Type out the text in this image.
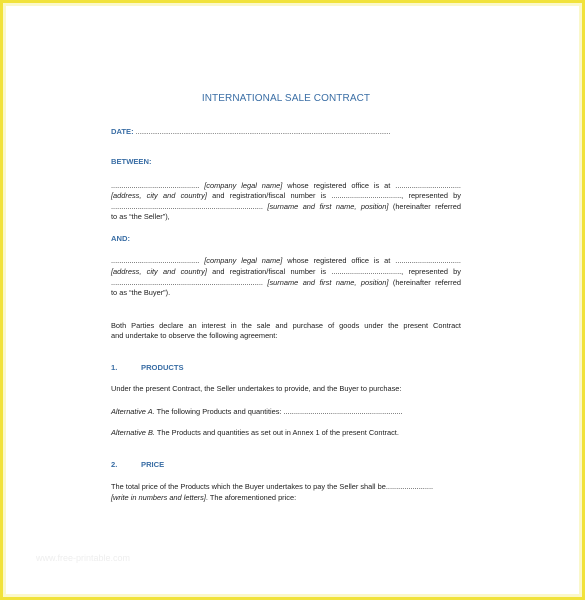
INTERNATIONAL SALE CONTRACT
DATE: ...........................................................................................................................................
BETWEEN:
........................................... [company legal name] whose registered office is at ................................
[address, city and country] and registration/fiscal number is .................................., represented by
.......................................................................... [surname and first name, position] (hereinafter referred
to as “the Seller”),
AND:
........................................... [company legal name] whose registered office is at ................................
[address, city and country] and registration/fiscal number is .................................., represented by
.......................................................................... [surname and first name, position] (hereinafter referred
to as “the Buyer”).
Both Parties declare an interest in the sale and purchase of goods under the present Contract
and undertake to observe the following agreement:
1.	PRODUCTS
Under the present Contract, the Seller undertakes to provide, and the Buyer to purchase:
Alternative A. The following Products and quantities: ..........................................................
Alternative B. The Products and quantities as set out in Annex 1 of the present Contract.
2.	PRICE
The total price of the Products which the Buyer undertakes to pay the Seller shall be.......................
[write in numbers and letters]. The aforementioned price:
www.free-printable.com
